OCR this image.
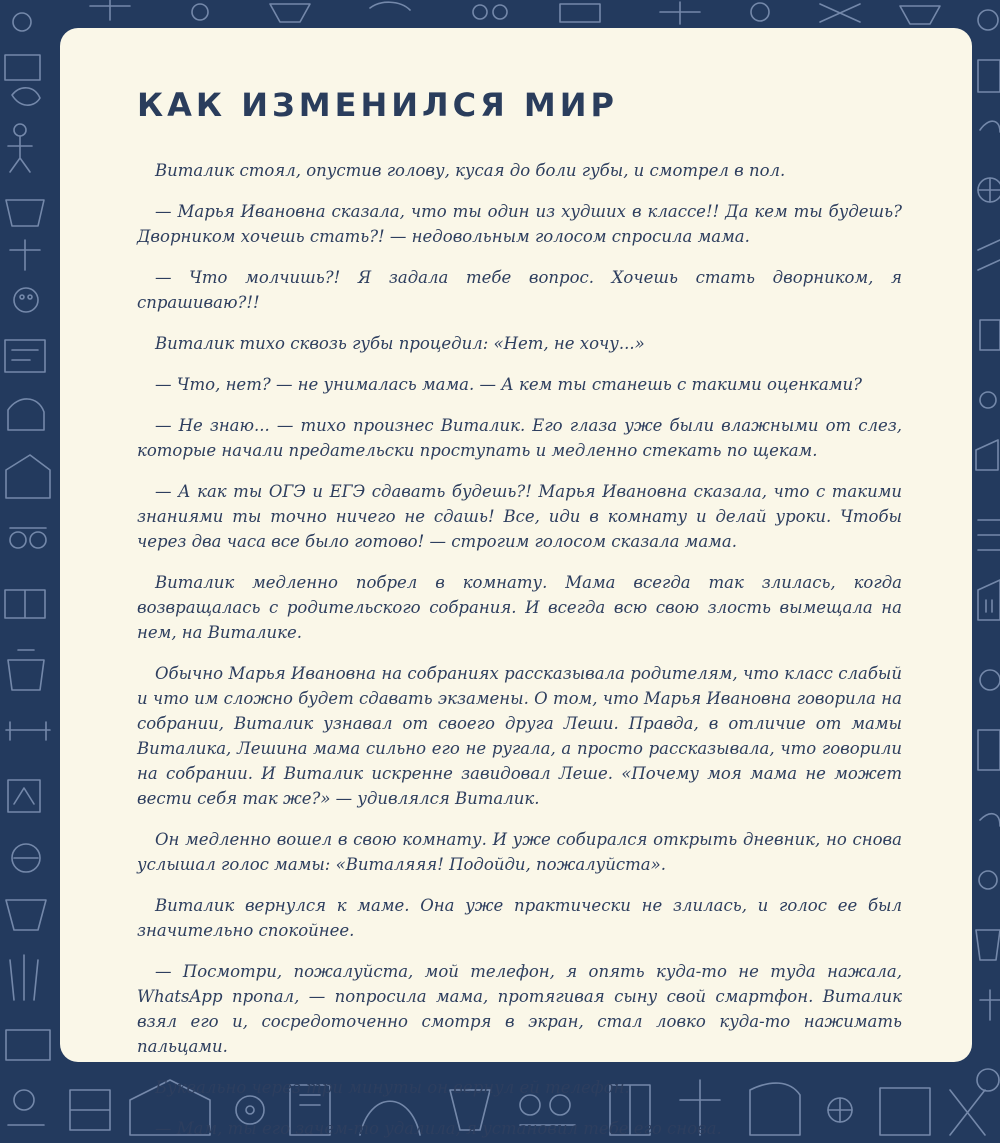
КАК ИЗМЕНИЛСЯ МИР

Виталик стоял, опустив голову, кусая до боли губы, и смотрел в пол.

— Марья Ивановна сказала, что ты один из худших в классе!! Да кем ты будешь? Дворником хочешь стать?! — недовольным голосом спросила мама.

— Что молчишь?! Я задала тебе вопрос. Хочешь стать дворником, я спрашиваю?!!

Виталик тихо сквозь губы процедил: «Нет, не хочу...»

— Что, нет? — не унималась мама. — А кем ты станешь с такими оценками?

— Не знаю... — тихо произнес Виталик. Его глаза уже были влажными от слез, которые начали предательски проступать и медленно стекать по щекам.

— А как ты ОГЭ и ЕГЭ сдавать будешь?! Марья Ивановна сказала, что с такими знаниями ты точно ничего не сдашь! Все, иди в комнату и делай уроки. Чтобы через два часа все было готово! — строгим голосом сказала мама.

Виталик медленно побрел в комнату. Мама всегда так злилась, когда возвращалась с родительского собрания. И всегда всю свою злость вымещала на нем, на Виталике.

Обычно Марья Ивановна на собраниях рассказывала родителям, что класс слабый и что им сложно будет сдавать экзамены. О том, что Марья Ивановна говорила на собрании, Виталик узнавал от своего друга Леши. Правда, в отличие от мамы Виталика, Лешина мама сильно его не ругала, а просто рассказывала, что говорили на собрании. И Виталик искренне завидовал Леше. «Почему моя мама не может вести себя так же?» — удивлялся Виталик.

Он медленно вошел в свою комнату. И уже собирался открыть дневник, но снова услышал голос мамы: «Виталяяя! Подойди, пожалуйста».

Виталик вернулся к маме. Она уже практически не злилась, и голос ее был значительно спокойнее.

— Посмотри, пожалуйста, мой телефон, я опять куда-то не туда нажала, WhatsApp пропал, — попросила мама, протягивая сыну свой смартфон. Виталик взял его и, сосредоточенно смотря в экран, стал ловко куда-то нажимать пальцами.

Буквально через три минуты он вернул ей телефон.

— Мам, ты его зачем-то удалила, я установил тебе его снова.
